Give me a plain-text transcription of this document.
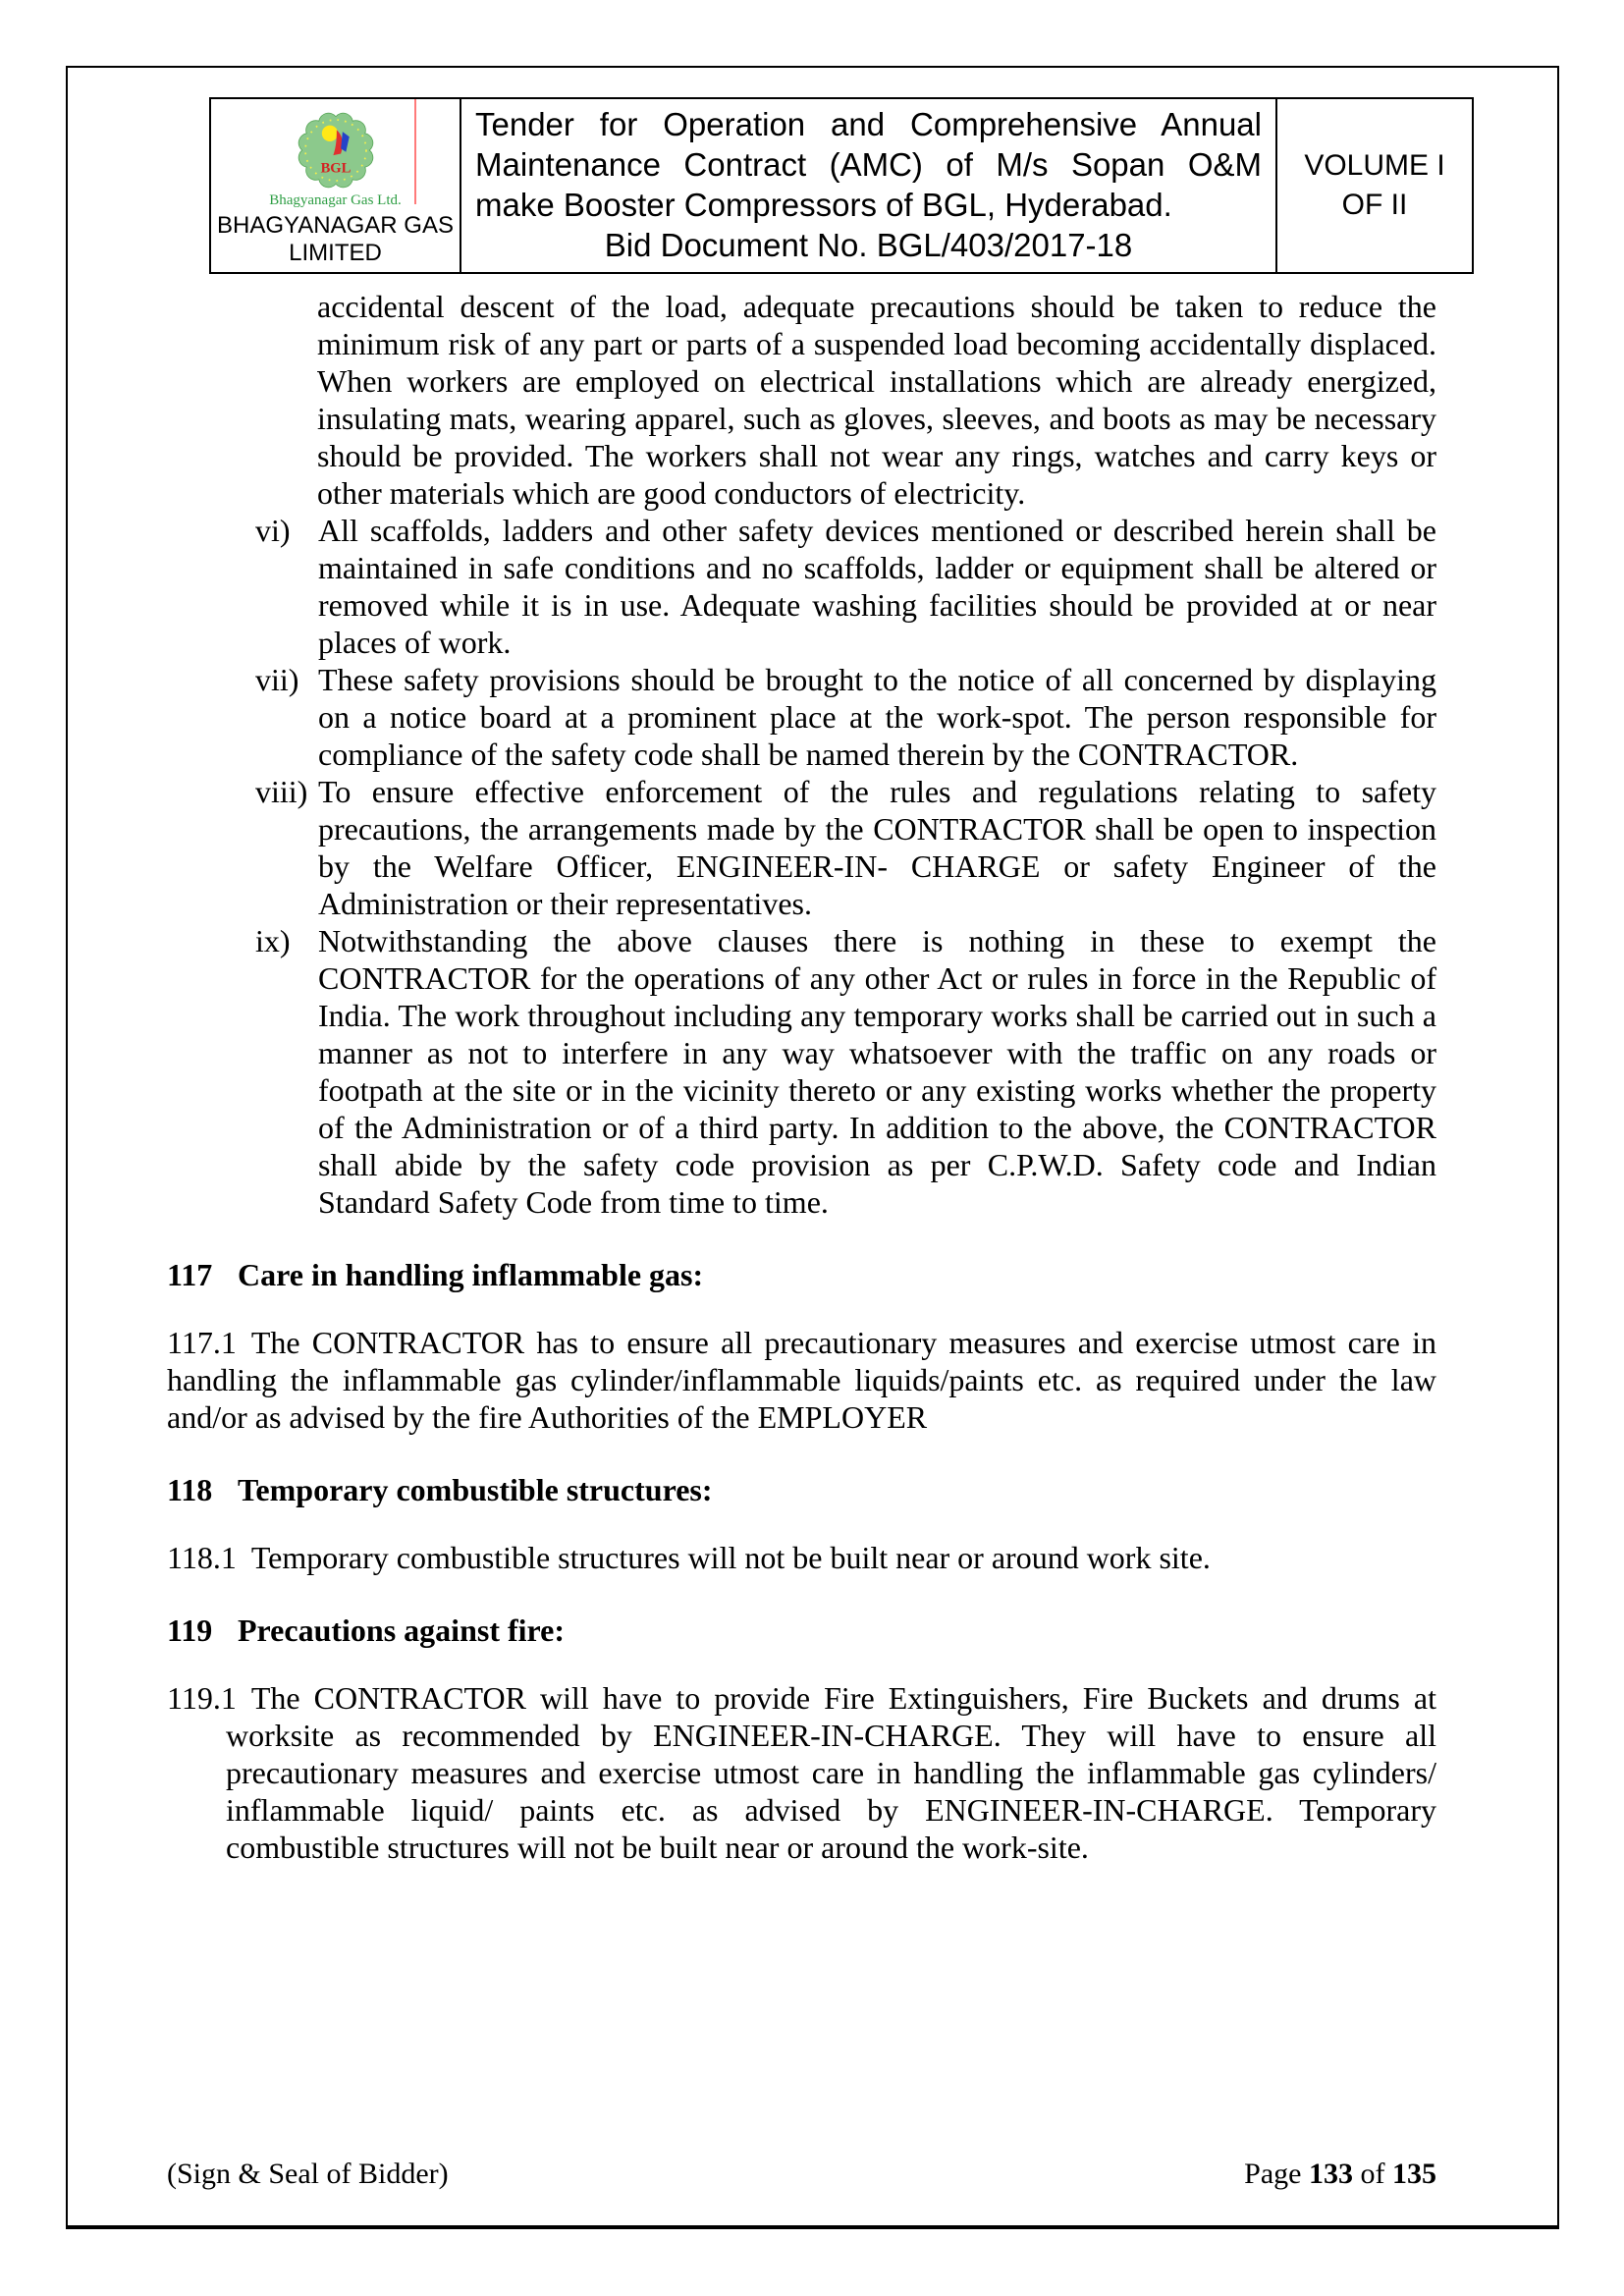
BGL
Bhagyanagar Gas Ltd.
BHAGYANAGAR GAS LIMITED
Tender for Operation and Comprehensive Annual
Maintenance Contract (AMC) of M/s Sopan O&M
make Booster Compressors of BGL, Hyderabad.
Bid Document No. BGL/403/2017-18
VOLUME I
OF II

accidental descent of the load, adequate precautions should be taken to reduce the minimum risk of any part or parts of a suspended load becoming accidentally displaced. When workers are employed on electrical installations which are already energized, insulating mats, wearing apparel, such as gloves, sleeves, and boots as may be necessary should be provided. The workers shall not wear any rings, watches and carry keys or other materials which are good conductors of electricity.

vi) All scaffolds, ladders and other safety devices mentioned or described herein shall be maintained in safe conditions and no scaffolds, ladder or equipment shall be altered or removed while it is in use. Adequate washing facilities should be provided at or near places of work.
vii) These safety provisions should be brought to the notice of all concerned by displaying on a notice board at a prominent place at the work-spot. The person responsible for compliance of the safety code shall be named therein by the CONTRACTOR.
viii) To ensure effective enforcement of the rules and regulations relating to safety precautions, the arrangements made by the CONTRACTOR shall be open to inspection by the Welfare Officer, ENGINEER-IN- CHARGE or safety Engineer of the Administration or their representatives.
ix) Notwithstanding the above clauses there is nothing in these to exempt the CONTRACTOR for the operations of any other Act or rules in force in the Republic of India. The work throughout including any temporary works shall be carried out in such a manner as not to interfere in any way whatsoever with the traffic on any roads or footpath at the site or in the vicinity thereto or any existing works whether the property of the Administration or of a third party. In addition to the above, the CONTRACTOR shall abide by the safety code provision as per C.P.W.D. Safety code and Indian Standard Safety Code from time to time.
117 Care in handling inflammable gas:

117.1 The CONTRACTOR has to ensure all precautionary measures and exercise utmost care in handling the inflammable gas cylinder/inflammable liquids/paints etc. as required under the law and/or as advised by the fire Authorities of the EMPLOYER

118 Temporary combustible structures:

118.1 Temporary combustible structures will not be built near or around work site.

119 Precautions against fire:

119.1 The CONTRACTOR will have to provide Fire Extinguishers, Fire Buckets and drums at worksite as recommended by ENGINEER-IN-CHARGE. They will have to ensure all precautionary measures and exercise utmost care in handling the inflammable gas cylinders/ inflammable liquid/ paints etc. as advised by ENGINEER-IN-CHARGE. Temporary combustible structures will not be built near or around the work-site.

(Sign & Seal of Bidder)	Page 133 of 135
